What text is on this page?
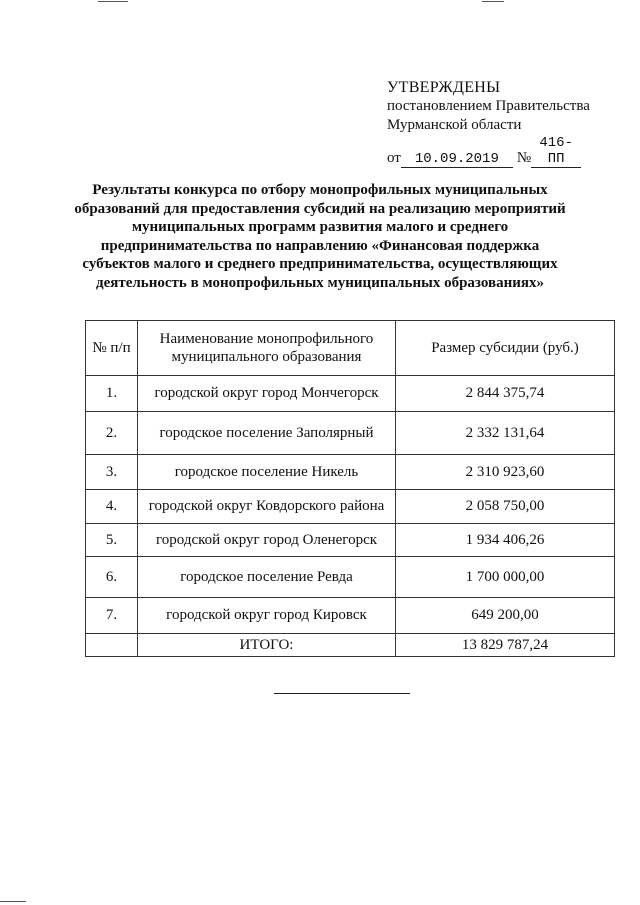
УТВЕРЖДЕНЫ
постановлением Правительства
Мурманской области
от 10.09.2019	№
416-ПП
Результаты конкурса по отбору монопрофильных муниципальных образований для предоставления субсидий на реализацию мероприятий муниципальных программ развития малого и среднего предпринимательства по направлению «Финансовая поддержка субъектов малого и среднего предпринимательства, осуществляющих деятельность в монопрофильных муниципальных образованиях»
№ п/п	Наименование монопрофильного муниципального образования	Размер субсидии (руб.)
1.	городской округ город Мончегорск	2 844 375,74
2.	городское поселение Заполярный	2 332 131,64
3.	городское поселение Никель	2 310 923,60
4.	городской округ Ковдорского района	2 058 750,00
5.	городской округ город Оленегорск	1 934 406,26
6.	городское поселение Ревда	1 700 000,00
7.	городской округ город Кировск	649 200,00
	ИТОГО:	13 829 787,24
